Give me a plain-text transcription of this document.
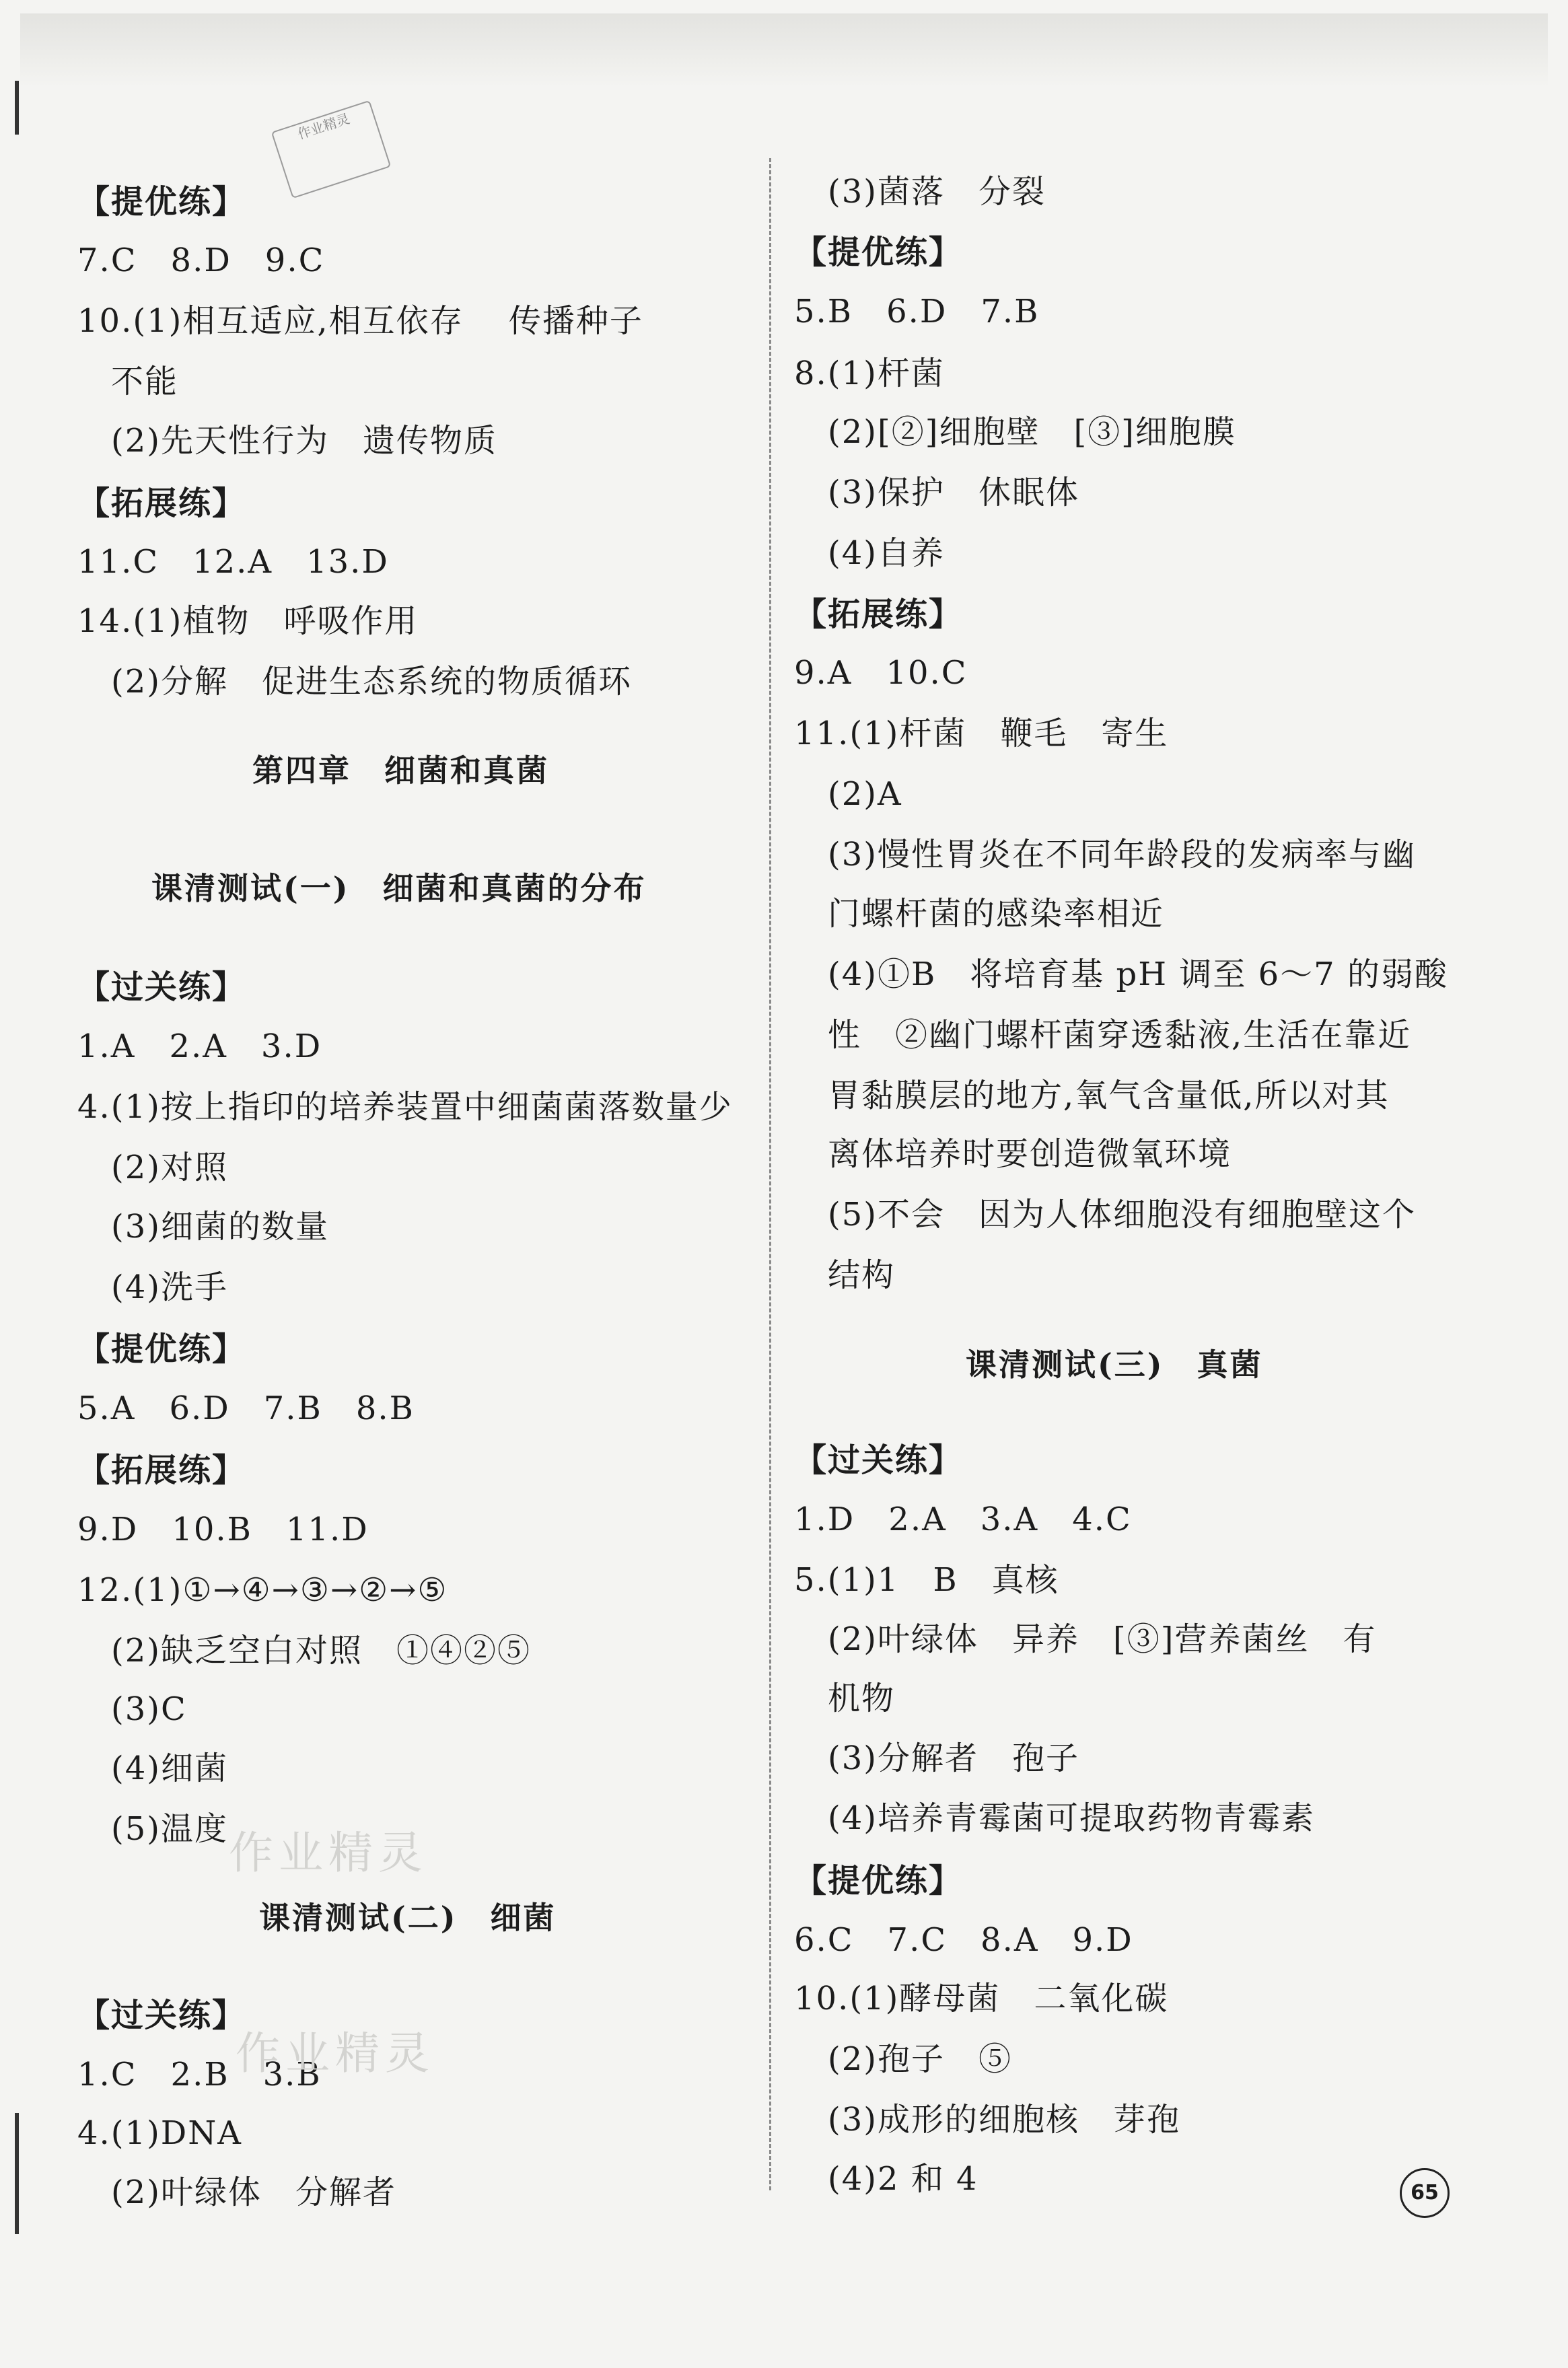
作业精灵
【提优练】
7.C　8.D　9.C
10.(1)相互适应,相互依存　 传播种子
　不能
　(2)先天性行为　遗传物质
【拓展练】
11.C　12.A　13.D
14.(1)植物　呼吸作用
　(2)分解　促进生态系统的物质循环
第四章　细菌和真菌
课清测试(一)　细菌和真菌的分布
【过关练】
1.A　2.A　3.D
4.(1)按上指印的培养装置中细菌菌落数量少
　(2)对照
　(3)细菌的数量
　(4)洗手
【提优练】
5.A　6.D　7.B　8.B
【拓展练】
9.D　10.B　11.D
12.(1)①→④→③→②→⑤
　(2)缺乏空白对照　①④②⑤
　(3)C
　(4)细菌
　(5)温度
课清测试(二)　细菌
【过关练】
1.C　2.B　3.B
4.(1)DNA
　(2)叶绿体　分解者
　(3)菌落　分裂
【提优练】
5.B　6.D　7.B
8.(1)杆菌
　(2)[②]细胞壁　[③]细胞膜
　(3)保护　休眠体
　(4)自养
【拓展练】
9.A　10.C
11.(1)杆菌　鞭毛　寄生
　(2)A
　(3)慢性胃炎在不同年龄段的发病率与幽
　门螺杆菌的感染率相近
　(4)①B　将培育基 pH 调至 6～7 的弱酸
　性　②幽门螺杆菌穿透黏液,生活在靠近
　胃黏膜层的地方,氧气含量低,所以对其
　离体培养时要创造微氧环境
　(5)不会　因为人体细胞没有细胞壁这个
　结构
课清测试(三)　真菌
【过关练】
1.D　2.A　3.A　4.C
5.(1)1　B　真核
　(2)叶绿体　异养　[③]营养菌丝　有
　机物
　(3)分解者　孢子
　(4)培养青霉菌可提取药物青霉素
【提优练】
6.C　7.C　8.A　9.D
10.(1)酵母菌　二氧化碳
　(2)孢子　⑤
　(3)成形的细胞核　芽孢
　(4)2 和 4
作业精灵
作业精灵
65
